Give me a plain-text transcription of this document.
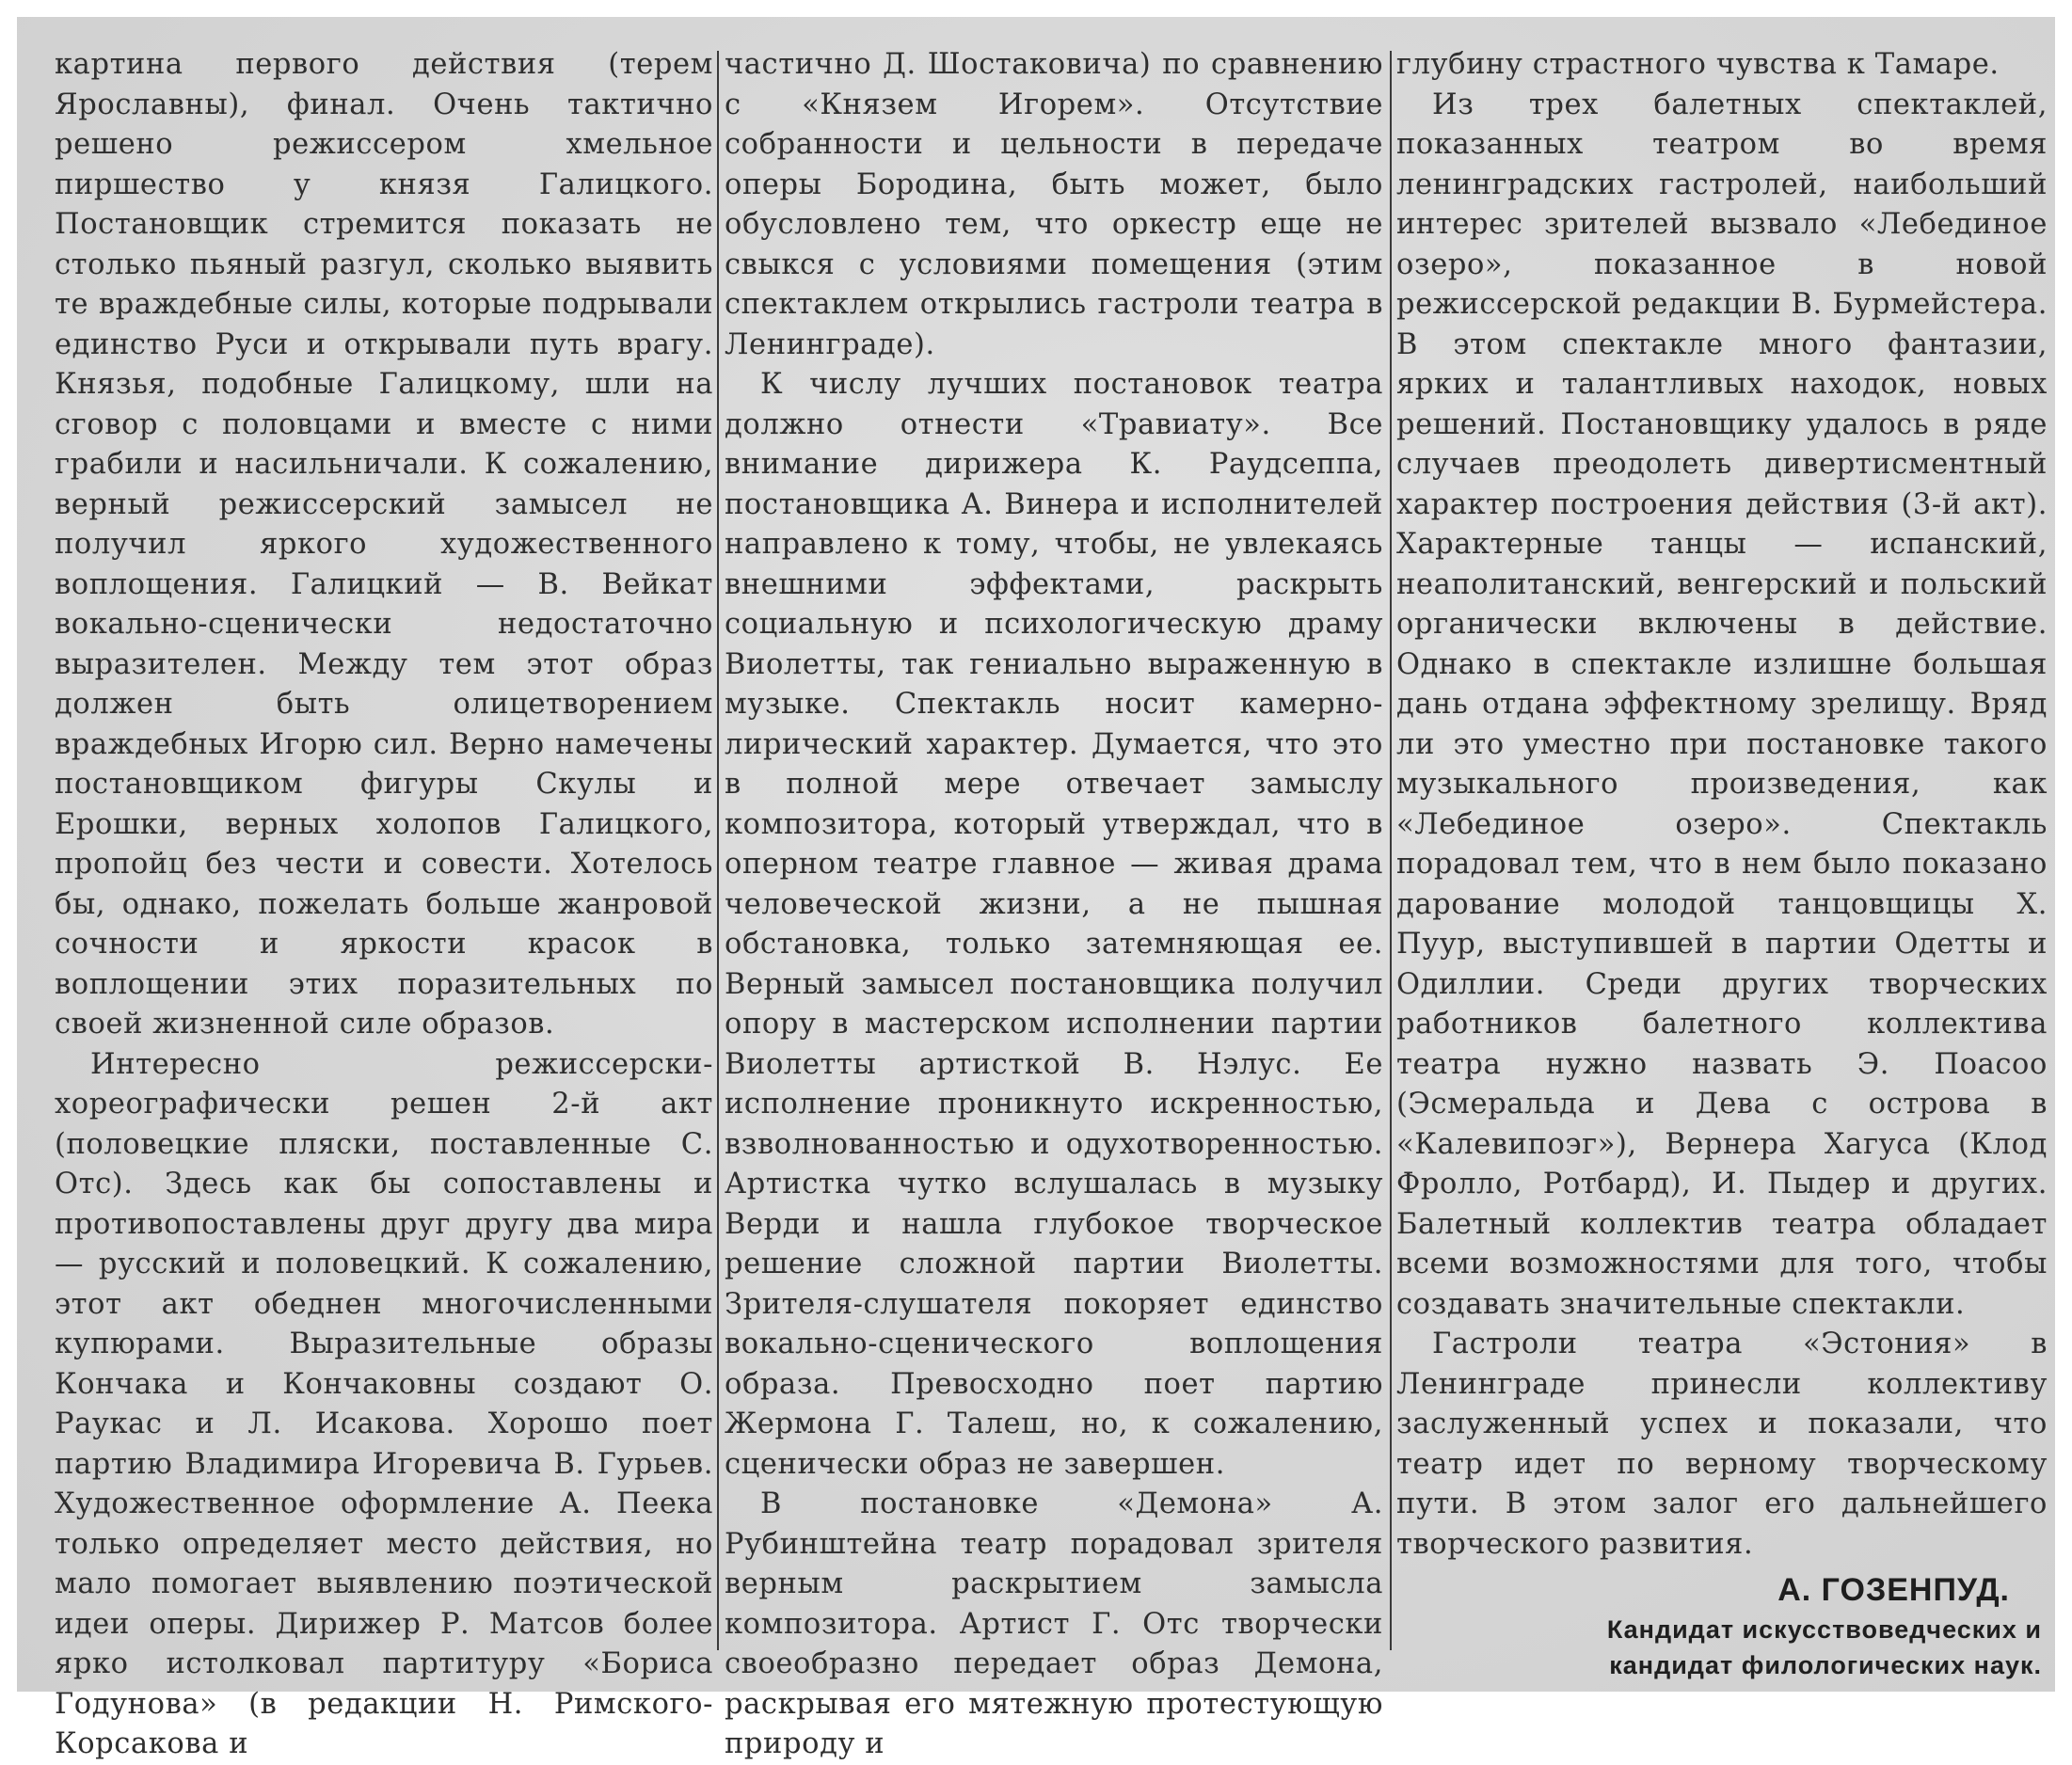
картина первого действия (терем Ярославны), финал. Очень тактично решено режиссером хмельное пиршество у князя Галицкого. Постановщик стремится показать не столько пьяный разгул, сколько выявить те враждебные силы, которые подрывали единство Руси и открывали путь врагу. Князья, подобные Галицкому, шли на сговор с половцами и вместе с ними грабили и насильничали. К сожалению, верный режиссерский замысел не получил яркого художественного воплощения. Галицкий — В. Вейкат вокально-сценически недостаточно выразителен. Между тем этот образ должен быть олицетворением враждебных Игорю сил. Верно намечены постановщиком фигуры Скулы и Ерошки, верных холопов Галицкого, пропойц без чести и совести. Хотелось бы, однако, пожелать больше жанровой сочности и яркости красок в воплощении этих поразительных по своей жизненной силе образов.

Интересно режиссерски-хореографически решен 2-й акт (половецкие пляски, поставленные С. Отс). Здесь как бы сопоставлены и противопоставлены друг другу два мира — русский и половецкий. К сожалению, этот акт обеднен многочисленными купюрами. Выразительные образы Кончака и Кончаковны создают О. Раукас и Л. Исакова. Хорошо поет партию Владимира Игоревича В. Гурьев. Художественное оформление А. Пеека только определяет место действия, но мало помогает выявлению поэтической идеи оперы. Дирижер Р. Матсов более ярко истолковал партитуру «Бориса Годунова» (в редакции Н. Римского-Корсакова и

частично Д. Шостаковича) по сравнению с «Князем Игорем». Отсутствие собранности и цельности в передаче оперы Бородина, быть может, было обусловлено тем, что оркестр еще не свыкся с условиями помещения (этим спектаклем открылись гастроли театра в Ленинграде).

К числу лучших постановок театра должно отнести «Травиату». Все внимание дирижера К. Раудсеппа, постановщика А. Винера и исполнителей направлено к тому, чтобы, не увлекаясь внешними эффектами, раскрыть социальную и психологическую драму Виолетты, так гениально выраженную в музыке. Спектакль носит камерно-лирический характер. Думается, что это в полной мере отвечает замыслу композитора, который утверждал, что в оперном театре главное — живая драма человеческой жизни, а не пышная обстановка, только затемняющая ее. Верный замысел постановщика получил опору в мастерском исполнении партии Виолетты артисткой В. Нэлус. Ее исполнение проникнуто искренностью, взволнованностью и одухотворенностью. Артистка чутко вслушалась в музыку Верди и нашла глубокое творческое решение сложной партии Виолетты. Зрителя-слушателя покоряет единство вокально-сценического воплощения образа. Превосходно поет партию Жермона Г. Талеш, но, к сожалению, сценически образ не завершен.

В постановке «Демона» А. Рубинштейна театр порадовал зрителя верным раскрытием замысла композитора. Артист Г. Отс творчески своеобразно передает образ Демона, раскрывая его мятежную протестующую природу и

глубину страстного чувства к Тамаре.

Из трех балетных спектаклей, показанных театром во время ленинградских гастролей, наибольший интерес зрителей вызвало «Лебединое озеро», показанное в новой режиссерской редакции В. Бурмейстера. В этом спектакле много фантазии, ярких и талантливых находок, новых решений. Постановщику удалось в ряде случаев преодолеть дивертисментный характер построения действия (3-й акт). Характерные танцы — испанский, неаполитанский, венгерский и польский органически включены в действие. Однако в спектакле излишне большая дань отдана эффектному зрелищу. Вряд ли это уместно при постановке такого музыкального произведения, как «Лебединое озеро». Спектакль порадовал тем, что в нем было показано дарование молодой танцовщицы Х. Пуур, выступившей в партии Одетты и Одиллии. Среди других творческих работников балетного коллектива театра нужно назвать Э. Поасоо (Эсмеральда и Дева с острова в «Калевипоэг»), Вернера Хагуса (Клод Фролло, Ротбард), И. Пыдер и других. Балетный коллектив театра обладает всеми возможностями для того, чтобы создавать значительные спектакли.

Гастроли театра «Эстония» в Ленинграде принесли коллективу заслуженный успех и показали, что театр идет по верному творческому пути. В этом залог его дальнейшего творческого развития.

А. ГОЗЕНПУД.
Кандидат искусствоведческих и
кандидат филологических наук.
